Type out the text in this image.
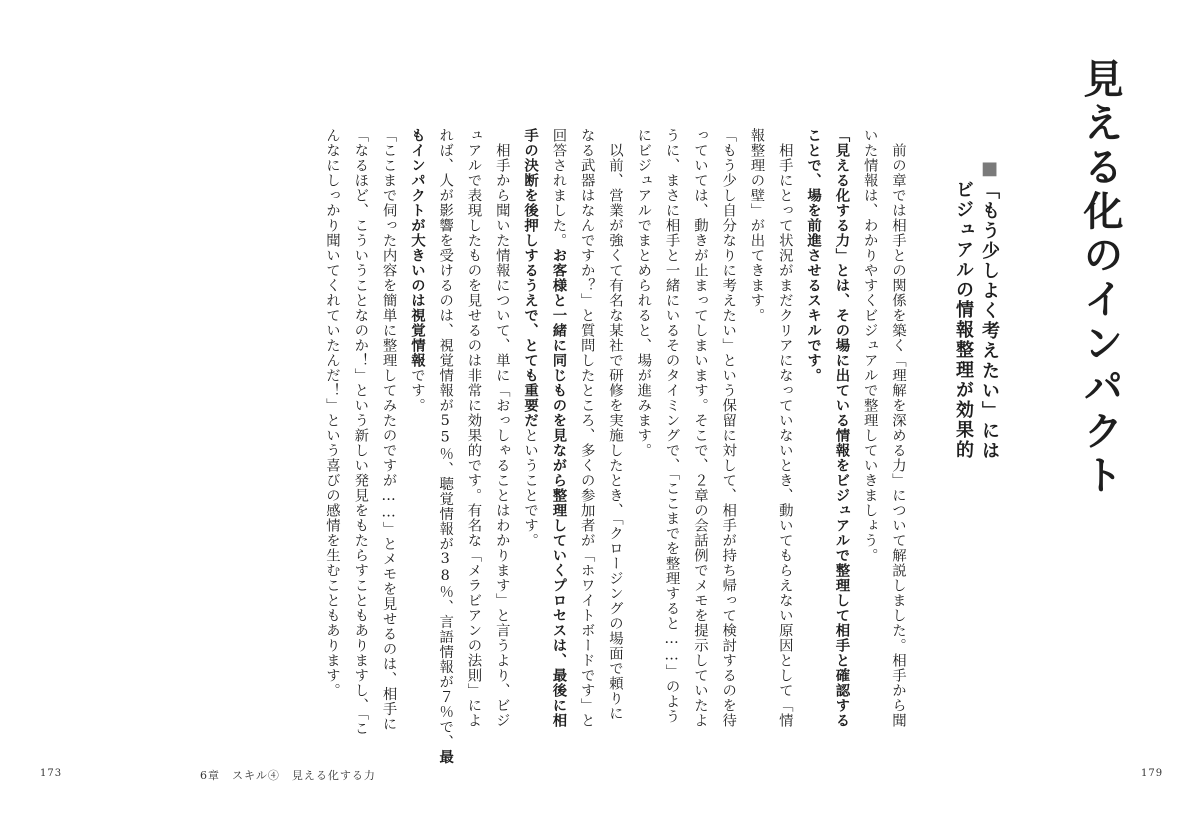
見える化のインパクト
■「もう少しよく考えたい」には
ビジュアルの情報整理が効果的
　前の章では相手との関係を築く「理解を深める力」について解説しました。相手から聞
いた情報は、わかりやすくビジュアルで整理していきましょう。
「見える化する力」とは、その場に出ている情報をビジュアルで整理して相手と確認する
ことで、場を前進させるスキルです。
　相手にとって状況がまだクリアになっていないとき、動いてもらえない原因として「情
報整理の壁」が出てきます。
「もう少し自分なりに考えたい」という保留に対して、相手が持ち帰って検討するのを待
っていては、動きが止まってしまいます。そこで、２章の会話例でメモを提示していたよ
うに、まさに相手と一緒にいるそのタイミングで、「ここまでを整理すると……」のよう
にビジュアルでまとめられると、場が進みます。
　以前、営業が強くて有名な某社で研修を実施したとき、「クロージングの場面で頼りに
なる武器はなんですか？」と質問したところ、多くの参加者が「ホワイトボードです」と
回答されました。お客様と一緒に同じものを見ながら整理していくプロセスは、最後に相
手の決断を後押しするうえで、とても重要だということです。
　相手から聞いた情報について、単に「おっしゃることはわかります」と言うより、ビジ
ュアルで表現したものを見せるのは非常に効果的です。有名な「メラビアンの法則」によ
れば、人が影響を受けるのは、視覚情報が55％、聴覚情報が38％、言語情報が７％で、最
もインパクトが大きいのは視覚情報です。
「ここまで伺った内容を簡単に整理してみたのですが……」とメモを見せるのは、相手に
「なるほど、こういうことなのか！」という新しい発見をもたらすこともありますし、「こ
んなにしっかり聞いてくれていたんだ！」という喜びの感情を生むこともあります。
173	6章　スキル④　見える化する力	179
